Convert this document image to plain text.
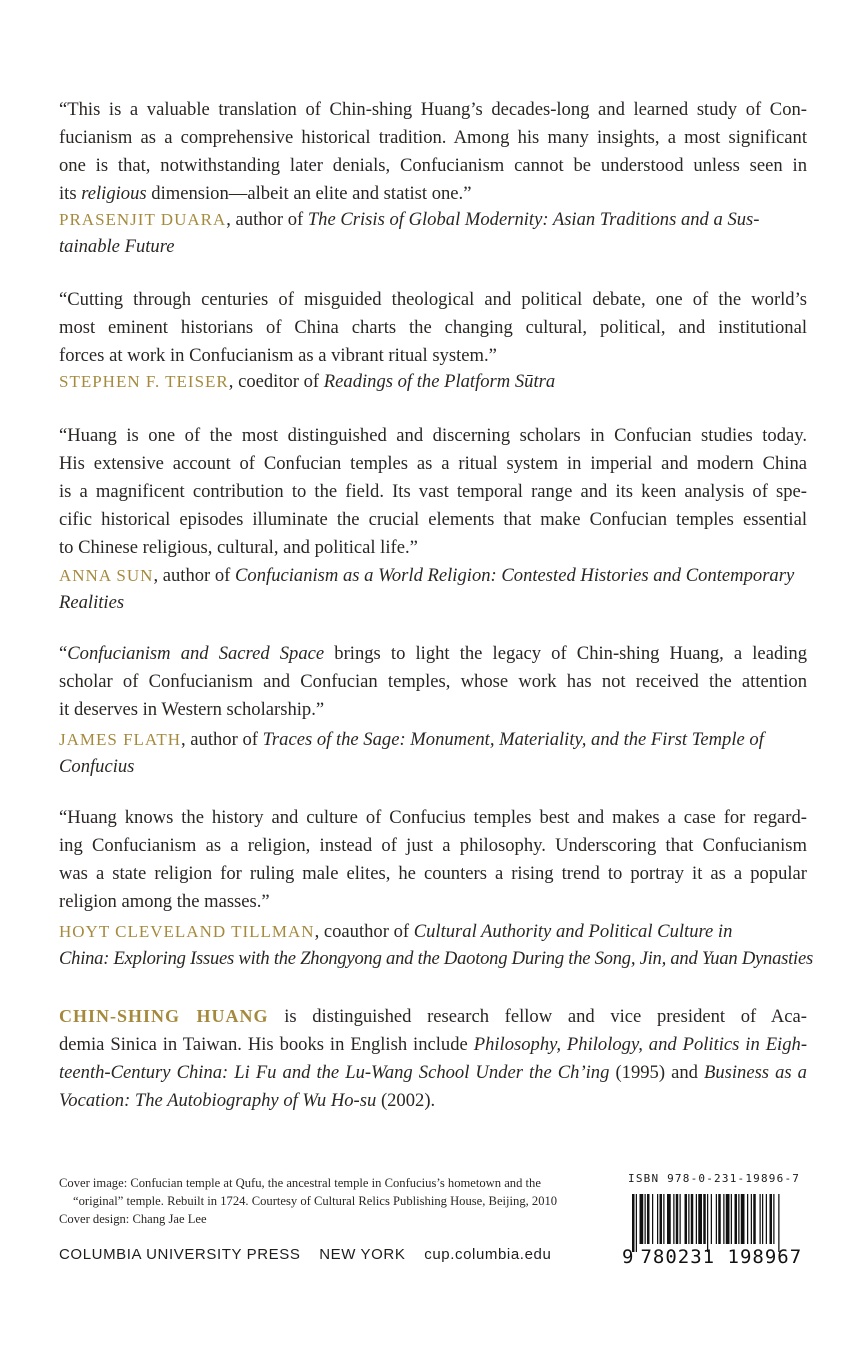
“This is a valuable translation of Chin-shing Huang’s decades-long and learned study of Con-
fucianism as a comprehensive historical tradition. Among his many insights, a most significant
one is that, notwithstanding later denials, Confucianism cannot be understood unless seen in
its religious dimension—albeit an elite and statist one.”
PRASENJIT DUARA, author of The Crisis of Global Modernity: Asian Traditions and a Sus-
tainable Future
“Cutting through centuries of misguided theological and political debate, one of the world’s
most eminent historians of China charts the changing cultural, political, and institutional
forces at work in Confucianism as a vibrant ritual system.”
STEPHEN F. TEISER, coeditor of Readings of the Platform Sūtra
“Huang is one of the most distinguished and discerning scholars in Confucian studies today.
His extensive account of Confucian temples as a ritual system in imperial and modern China
is a magnificent contribution to the field. Its vast temporal range and its keen analysis of spe-
cific historical episodes illuminate the crucial elements that make Confucian temples essential
to Chinese religious, cultural, and political life.”
ANNA SUN, author of Confucianism as a World Religion: Contested Histories and Contemporary
Realities
“Confucianism and Sacred Space brings to light the legacy of Chin-shing Huang, a leading
scholar of Confucianism and Confucian temples, whose work has not received the attention
it deserves in Western scholarship.”
JAMES FLATH, author of Traces of the Sage: Monument, Materiality, and the First Temple of
Confucius
“Huang knows the history and culture of Confucius temples best and makes a case for regard-
ing Confucianism as a religion, instead of just a philosophy. Underscoring that Confucianism
was a state religion for ruling male elites, he counters a rising trend to portray it as a popular
religion among the masses.”
HOYT CLEVELAND TILLMAN, coauthor of Cultural Authority and Political Culture in
China: Exploring Issues with the Zhongyong and the Daotong During the Song, Jin, and Yuan Dynasties
CHIN-SHING HUANG is distinguished research fellow and vice president of Aca-
demia Sinica in Taiwan. His books in English include Philosophy, Philology, and Politics in Eigh-
teenth-Century China: Li Fu and the Lu-Wang School Under the Ch’ing (1995) and Business as a
Vocation: The Autobiography of Wu Ho-su (2002).
Cover image: Confucian temple at Qufu, the ancestral temple in Confucius’s hometown and the
“original” temple. Rebuilt in 1724. Courtesy of Cultural Relics Publishing House, Beijing, 2010
Cover design: Chang Jae Lee
COLUMBIA UNIVERSITY PRESS NEW YORK cup.columbia.edu
ISBN 978-0-231-19896-7
9 780231 198967
